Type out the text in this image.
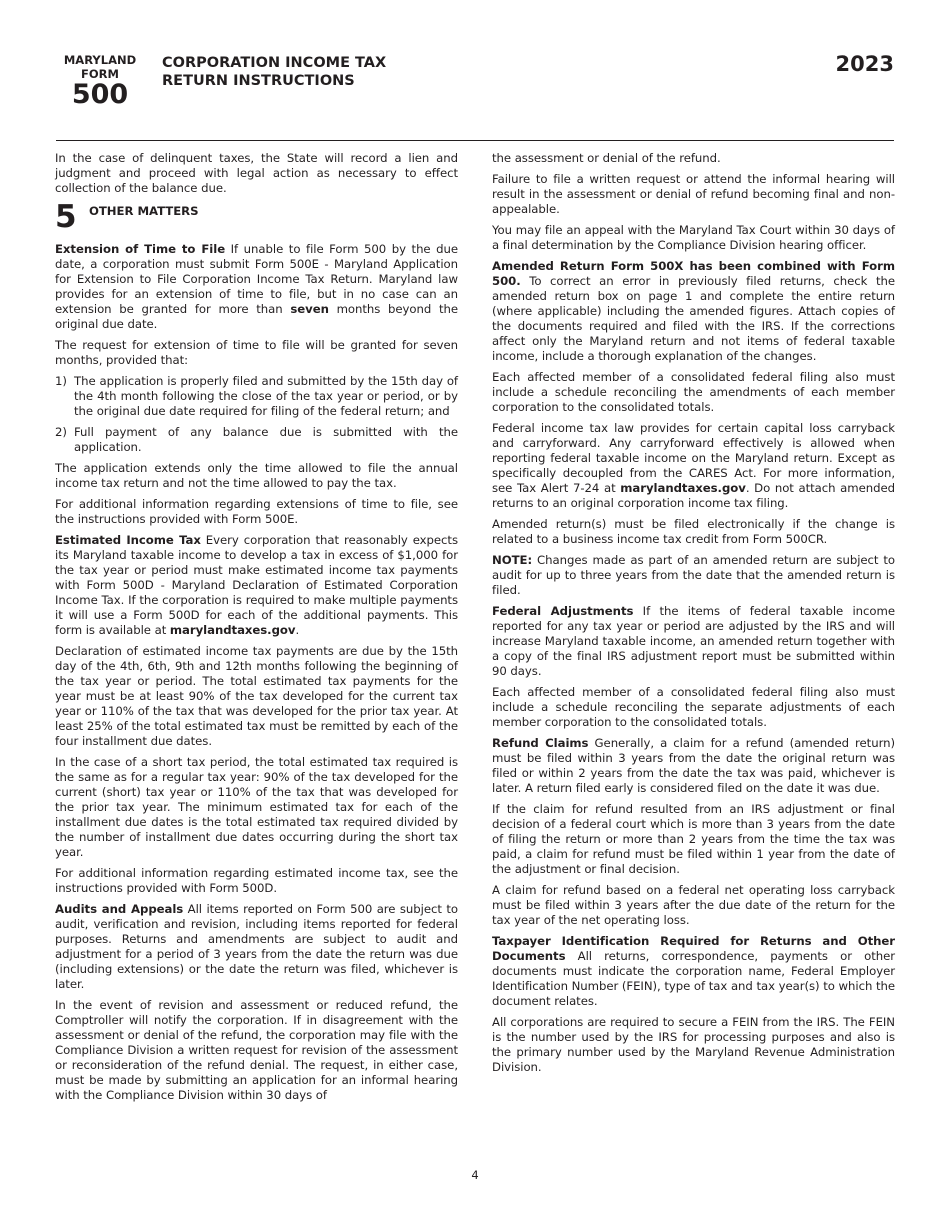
MARYLAND
FORM
500
CORPORATION INCOME TAX
RETURN INSTRUCTIONS
2023

In the case of delinquent taxes, the State will record a lien and judgment and proceed with legal action as necessary to effect collection of the balance due.

5	OTHER MATTERS

Extension of Time to File If unable to file Form 500 by the due date, a corporation must submit Form 500E - Maryland Application for Extension to File Corporation Income Tax Return. Maryland law provides for an extension of time to file, but in no case can an extension be granted for more than seven months beyond the original due date.

The request for extension of time to file will be granted for seven months, provided that:

1) The application is properly filed and submitted by the 15th day of the 4th month following the close of the tax year or period, or by the original due date required for filing of the federal return; and

2) Full payment of any balance due is submitted with the application.

The application extends only the time allowed to file the annual income tax return and not the time allowed to pay the tax.

For additional information regarding extensions of time to file, see the instructions provided with Form 500E.

Estimated Income Tax Every corporation that reasonably expects its Maryland taxable income to develop a tax in excess of $1,000 for the tax year or period must make estimated income tax payments with Form 500D - Maryland Declaration of Estimated Corporation Income Tax. If the corporation is required to make multiple payments it will use a Form 500D for each of the additional payments. This form is available at marylandtaxes.gov.

Declaration of estimated income tax payments are due by the 15th day of the 4th, 6th, 9th and 12th months following the beginning of the tax year or period. The total estimated tax payments for the year must be at least 90% of the tax developed for the current tax year or 110% of the tax that was developed for the prior tax year. At least 25% of the total estimated tax must be remitted by each of the four installment due dates.

In the case of a short tax period, the total estimated tax required is the same as for a regular tax year: 90% of the tax developed for the current (short) tax year or 110% of the tax that was developed for the prior tax year. The minimum estimated tax for each of the installment due dates is the total estimated tax required divided by the number of installment due dates occurring during the short tax year.

For additional information regarding estimated income tax, see the instructions provided with Form 500D.

Audits and Appeals All items reported on Form 500 are subject to audit, verification and revision, including items reported for federal purposes. Returns and amendments are subject to audit and adjustment for a period of 3 years from the date the return was due (including extensions) or the date the return was filed, whichever is later.

In the event of revision and assessment or reduced refund, the Comptroller will notify the corporation. If in disagreement with the assessment or denial of the refund, the corporation may file with the Compliance Division a written request for revision of the assessment or reconsideration of the refund denial. The request, in either case, must be made by submitting an application for an informal hearing with the Compliance Division within 30 days of

the assessment or denial of the refund.

Failure to file a written request or attend the informal hearing will result in the assessment or denial of refund becoming final and non-appealable.

You may file an appeal with the Maryland Tax Court within 30 days of a final determination by the Compliance Division hearing officer.

Amended Return Form 500X has been combined with Form 500. To correct an error in previously filed returns, check the amended return box on page 1 and complete the entire return (where applicable) including the amended figures. Attach copies of the documents required and filed with the IRS. If the corrections affect only the Maryland return and not items of federal taxable income, include a thorough explanation of the changes.

Each affected member of a consolidated federal filing also must include a schedule reconciling the amendments of each member corporation to the consolidated totals.

Federal income tax law provides for certain capital loss carryback and carryforward. Any carryforward effectively is allowed when reporting federal taxable income on the Maryland return. Except as specifically decoupled from the CARES Act. For more information, see Tax Alert 7-24 at marylandtaxes.gov. Do not attach amended returns to an original corporation income tax filing.

Amended return(s) must be filed electronically if the change is related to a business income tax credit from Form 500CR.

NOTE: Changes made as part of an amended return are subject to audit for up to three years from the date that the amended return is filed.

Federal Adjustments If the items of federal taxable income reported for any tax year or period are adjusted by the IRS and will increase Maryland taxable income, an amended return together with a copy of the final IRS adjustment report must be submitted within 90 days.

Each affected member of a consolidated federal filing also must include a schedule reconciling the separate adjustments of each member corporation to the consolidated totals.

Refund Claims Generally, a claim for a refund (amended return) must be filed within 3 years from the date the original return was filed or within 2 years from the date the tax was paid, whichever is later. A return filed early is considered filed on the date it was due.

If the claim for refund resulted from an IRS adjustment or final decision of a federal court which is more than 3 years from the date of filing the return or more than 2 years from the time the tax was paid, a claim for refund must be filed within 1 year from the date of the adjustment or final decision.

A claim for refund based on a federal net operating loss carryback must be filed within 3 years after the due date of the return for the tax year of the net operating loss.

Taxpayer Identification Required for Returns and Other Documents All returns, correspondence, payments or other documents must indicate the corporation name, Federal Employer Identification Number (FEIN), type of tax and tax year(s) to which the document relates.

All corporations are required to secure a FEIN from the IRS. The FEIN is the number used by the IRS for processing purposes and also is the primary number used by the Maryland Revenue Administration Division.

4
